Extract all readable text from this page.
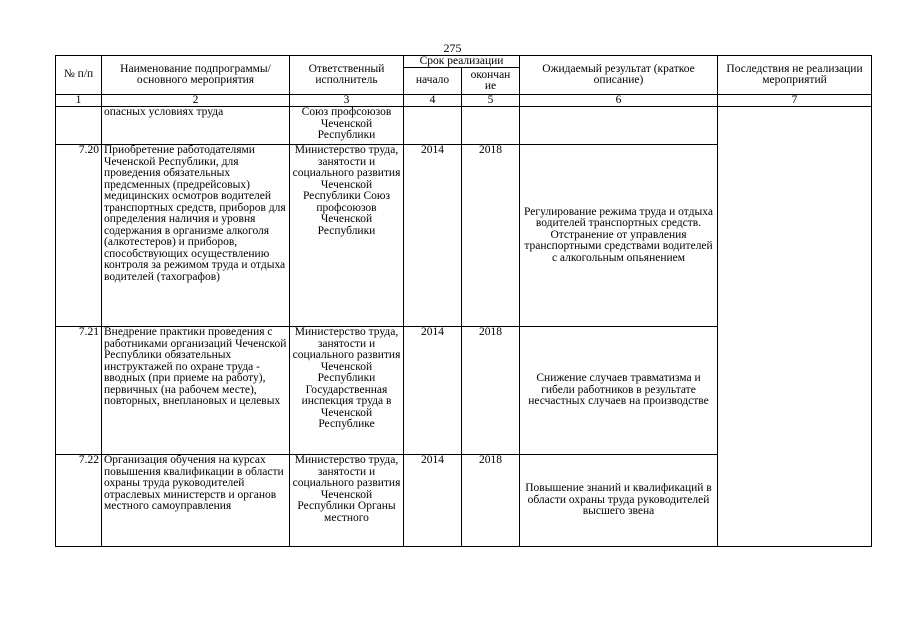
275
№ п/п	Наименование подпрограммы/ основного мероприятия	Ответственный исполнитель	Срок реализации		Ожидаемый результат (краткое описание)	Последствия не реализации мероприятий
			начало	окончан ие		
1	2	3	4	5	6	7
	опасных условиях труда	Союз профсоюзов Чеченской Республики				
7.20	Приобретение работодателями Чеченской Республики, для проведения обязательных предсменных (предрейсовых) медицинских осмотров водителей транспортных средств, приборов для определения наличия и уровня содержания в организме алкоголя (алкотестеров) и приборов, способствующих осуществлению контроля за режимом труда и отдыха водителей (тахографов)	Министерство труда, занятости и социального развития Чеченской Республики Союз профсоюзов Чеченской Республики	2014	2018	Регулирование режима труда и отдыха водителей транспортных средств. Отстранение от управления транспортными средствами водителей с алкогольным опьянением	
7.21	Внедрение практики проведения с работниками организаций Чеченской Республики обязательных инструктажей по охране труда - вводных (при приеме на работу), первичных (на рабочем месте), повторных, внеплановых и целевых	Министерство труда, занятости и социального развития Чеченской Республики Государственная инспекция труда в Чеченской Республике	2014	2018	Снижение случаев травматизма и гибели работников в результате несчастных случаев на производстве	
7.22	Организация обучения на курсах повышения квалификации в области охраны труда руководителей отраслевых министерств и органов местного самоуправления	Министерство труда, занятости и социального развития Чеченской Республики Органы местного	2014	2018	Повышение знаний и квалификаций в области охраны труда руководителей высшего звена	
